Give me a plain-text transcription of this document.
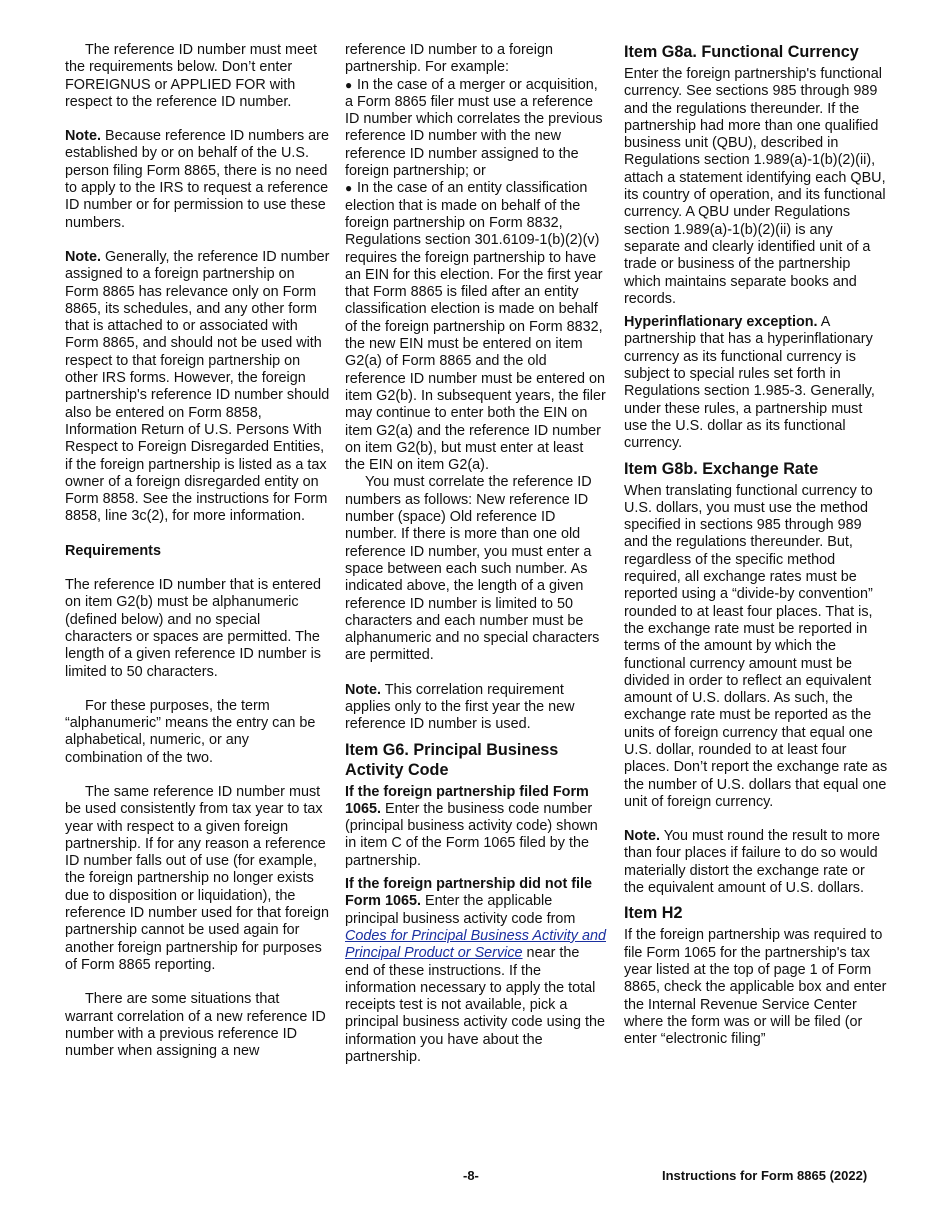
The reference ID number must meet the requirements below. Don’t enter FOREIGNUS or APPLIED FOR with respect to the reference ID number.

Note. Because reference ID numbers are established by or on behalf of the U.S. person filing Form 8865, there is no need to apply to the IRS to request a reference ID number or for permission to use these numbers.

Note. Generally, the reference ID number assigned to a foreign partnership on Form 8865 has relevance only on Form 8865, its schedules, and any other form that is attached to or associated with Form 8865, and should not be used with respect to that foreign partnership on other IRS forms. However, the foreign partnership's reference ID number should also be entered on Form 8858, Information Return of U.S. Persons With Respect to Foreign Disregarded Entities, if the foreign partnership is listed as a tax owner of a foreign disregarded entity on Form 8858. See the instructions for Form 8858, line 3c(2), for more information.

Requirements

The reference ID number that is entered on item G2(b) must be alphanumeric (defined below) and no special characters or spaces are permitted. The length of a given reference ID number is limited to 50 characters.

For these purposes, the term “alphanumeric” means the entry can be alphabetical, numeric, or any combination of the two.

The same reference ID number must be used consistently from tax year to tax year with respect to a given foreign partnership. If for any reason a reference ID number falls out of use (for example, the foreign partnership no longer exists due to disposition or liquidation), the reference ID number used for that foreign partnership cannot be used again for another foreign partnership for purposes of Form 8865 reporting.

There are some situations that warrant correlation of a new reference ID number with a previous reference ID number when assigning a new

reference ID number to a foreign partnership. For example:

● In the case of a merger or acquisition, a Form 8865 filer must use a reference ID number which correlates the previous reference ID number with the new reference ID number assigned to the foreign partnership; or
● In the case of an entity classification election that is made on behalf of the foreign partnership on Form 8832, Regulations section 301.6109-1(b)(2)(v) requires the foreign partnership to have an EIN for this election. For the first year that Form 8865 is filed after an entity classification election is made on behalf of the foreign partnership on Form 8832, the new EIN must be entered on item G2(a) of Form 8865 and the old reference ID number must be entered on item G2(b). In subsequent years, the filer may continue to enter both the EIN on item G2(a) and the reference ID number on item G2(b), but must enter at least the EIN on item G2(a).

You must correlate the reference ID numbers as follows: New reference ID number (space) Old reference ID number. If there is more than one old reference ID number, you must enter a space between each such number. As indicated above, the length of a given reference ID number is limited to 50 characters and each number must be alphanumeric and no special characters are permitted.

Note. This correlation requirement applies only to the first year the new reference ID number is used.

Item G6. Principal Business Activity Code

If the foreign partnership filed Form 1065. Enter the business code number (principal business activity code) shown in item C of the Form 1065 filed by the partnership.

If the foreign partnership did not file Form 1065. Enter the applicable principal business activity code from Codes for Principal Business Activity and Principal Product or Service near the end of these instructions. If the information necessary to apply the total receipts test is not available, pick a principal business activity code using the information you have about the partnership.

Item G8a. Functional Currency

Enter the foreign partnership's functional currency. See sections 985 through 989 and the regulations thereunder. If the partnership had more than one qualified business unit (QBU), described in Regulations section 1.989(a)-1(b)(2)(ii), attach a statement identifying each QBU, its country of operation, and its functional currency. A QBU under Regulations section 1.989(a)-1(b)(2)(ii) is any separate and clearly identified unit of a trade or business of the partnership which maintains separate books and records.

Hyperinflationary exception. A partnership that has a hyperinflationary currency as its functional currency is subject to special rules set forth in Regulations section 1.985-3. Generally, under these rules, a partnership must use the U.S. dollar as its functional currency.

Item G8b. Exchange Rate

When translating functional currency to U.S. dollars, you must use the method specified in sections 985 through 989 and the regulations thereunder. But, regardless of the specific method required, all exchange rates must be reported using a “divide-by convention” rounded to at least four places. That is, the exchange rate must be reported in terms of the amount by which the functional currency amount must be divided in order to reflect an equivalent amount of U.S. dollars. As such, the exchange rate must be reported as the units of foreign currency that equal one U.S. dollar, rounded to at least four places. Don’t report the exchange rate as the number of U.S. dollars that equal one unit of foreign currency.

Note. You must round the result to more than four places if failure to do so would materially distort the exchange rate or the equivalent amount of U.S. dollars.

Item H2

If the foreign partnership was required to file Form 1065 for the partnership's tax year listed at the top of page 1 of Form 8865, check the applicable box and enter the Internal Revenue Service Center where the form was or will be filed (or enter “electronic filing”

-8-	Instructions for Form 8865 (2022)
